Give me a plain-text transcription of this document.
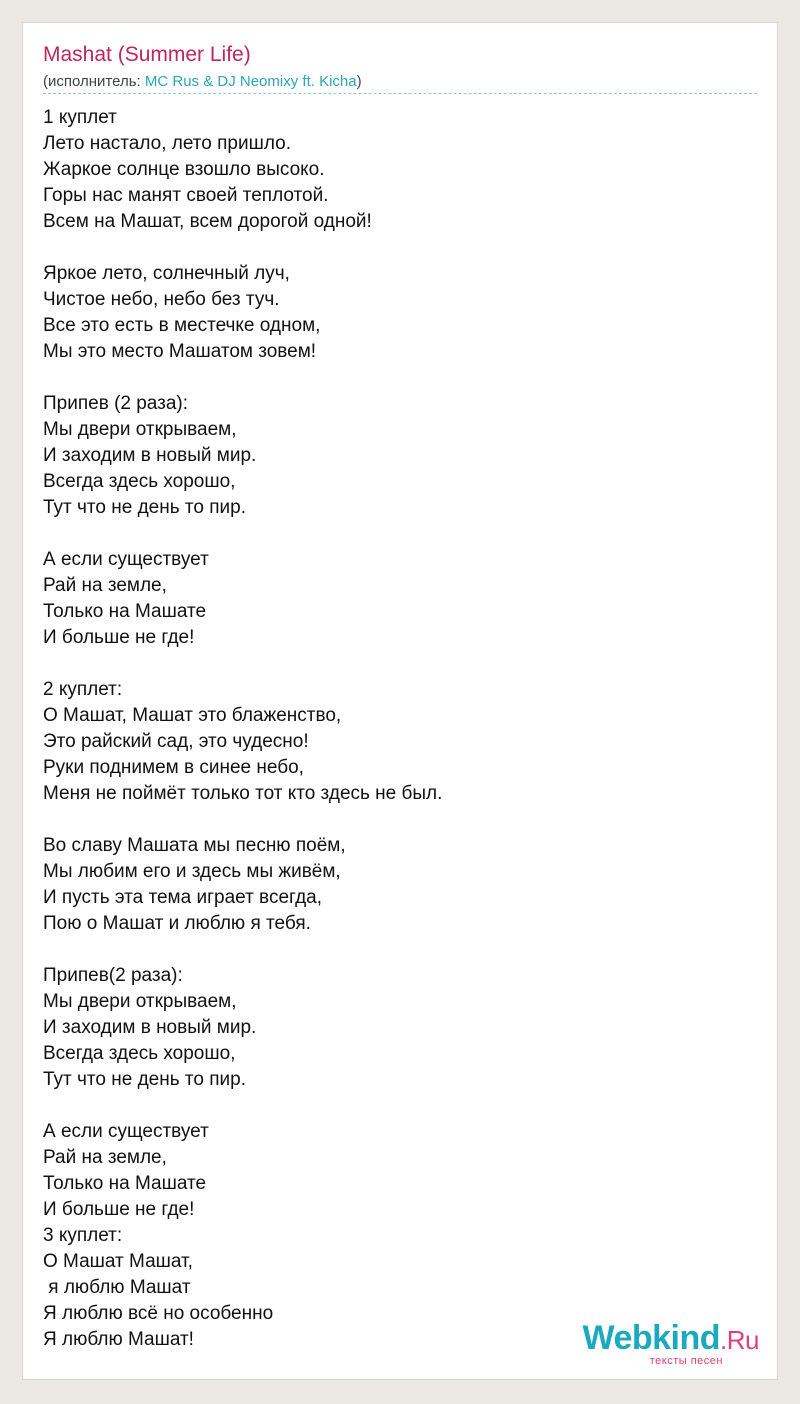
Mashat (Summer Life)
(исполнитель: MC Rus & DJ Neomixy ft. Kicha)
1 куплет
Лето настало, лето пришло.
Жаркое солнце взошло высоко.
Горы нас манят своей теплотой.
Всем на Машат, всем дорогой одной!
Яркое лето, солнечный луч,
Чистое небо, небо без туч.
Все это есть в местечке одном,
Мы это место Машатом зовем!
Припев (2 раза):
Мы двери открываем,
И заходим в новый мир.
Всегда здесь хорошо,
Тут что не день то пир.
А если существует
Рай на земле,
Только на Машате
И больше не где!
2 куплет:
О Машат, Машат это блаженство,
Это райский сад, это чудесно!
Руки поднимем в синее небо,
Меня не поймёт только тот кто здесь не был.
Во славу Машата мы песню поём,
Мы любим его и здесь мы живём,
И пусть эта тема играет всегда,
Пою о Машат и люблю я тебя.
Припев(2 раза):
Мы двери открываем,
И заходим в новый мир.
Всегда здесь хорошо,
Тут что не день то пир.
А если существует
Рай на земле,
Только на Машате
И больше не где!
3 куплет:
О Машат Машат,
я люблю Машат
Я люблю всё но особенно
Я люблю Машат!	Webkind.Ru
тексты песен
